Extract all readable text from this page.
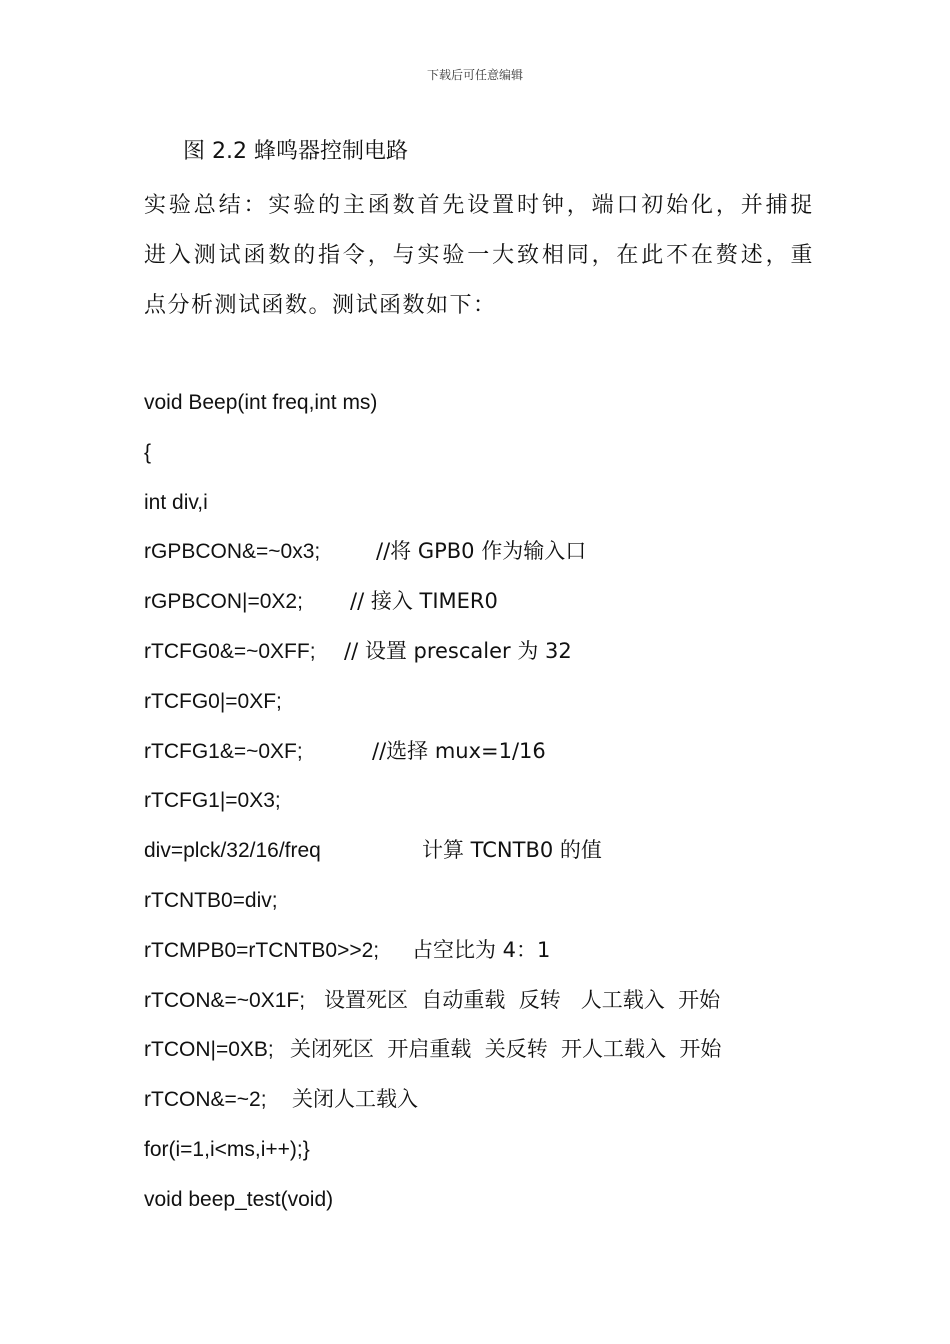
下载后可任意编辑
图 2.2 蜂鸣器控制电路
实验总结：实验的主函数首先设置时钟，端口初始化，并捕捉
进入测试函数的指令，与实验一大致相同，在此不在赘述，重
点分析测试函数。测试函数如下：
void Beep(int freq,int ms)
{
int div,i
rGPBCON&=~0x3;	//将 GPB0 作为输入口
rGPBCON|=0X2; // 接入 TIMER0
rTCFG0&=~0XFF; // 设置 prescaler 为 32
rTCFG0|=0XF;
rTCFG1&=~0XF;	//选择 mux=1/16
rTCFG1|=0X3;
div=plck/32/16/freq	计算 TCNTB0 的值
rTCNTB0=div;
rTCMPB0=rTCNTB0>>2; 占空比为 4：1
rTCON&=~0X1F; 设置死区  自动重载  反转   人工载入  开始
rTCON|=0XB; 关闭死区  开启重载  关反转  开人工载入  开始
rTCON&=~2; 关闭人工载入
for(i=1,i<ms,i++);}
void beep_test(void)
